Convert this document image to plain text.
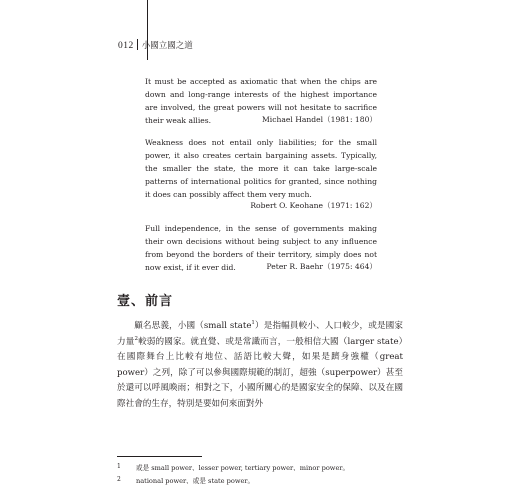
012 小國立國之道

It must be accepted as axiomatic that when the chips are down and long-range interests of the highest importance are involved, the great powers will not hesitate to sacrifice their weak allies.	Michael Handel（1981: 180）

Weakness does not entail only liabilities; for the small power, it also creates certain bargaining assets. Typically, the smaller the state, the more it can take large-scale patterns of international politics for granted, since nothing it does can possibly affect them very much.

Robert O. Keohane（1971: 162）

Full independence, in the sense of governments making their own decisions without being subject to any influence from beyond the borders of their territory, simply does not now exist, if it ever did.	Peter R. Baehr（1975: 464）
壹、前言

顧名思義，小國（small state$^1$）是指幅員較小、人口較少，或是國家力量$^2$較弱的國家。就直覺、或是常識而言，一般相信大國（larger state）在國際舞台上比較有地位、話語比較大聲，如果是躋身強權（great power）之列，除了可以參與國際規範的制訂，超強（superpower）甚至於還可以呼風喚雨；相對之下，小國所關心的是國家安全的保障、以及在國際社會的生存，特別是要如何來面對外

1 或是 small power、lesser power, tertiary power、minor power。
2 national power、或是 state power。
